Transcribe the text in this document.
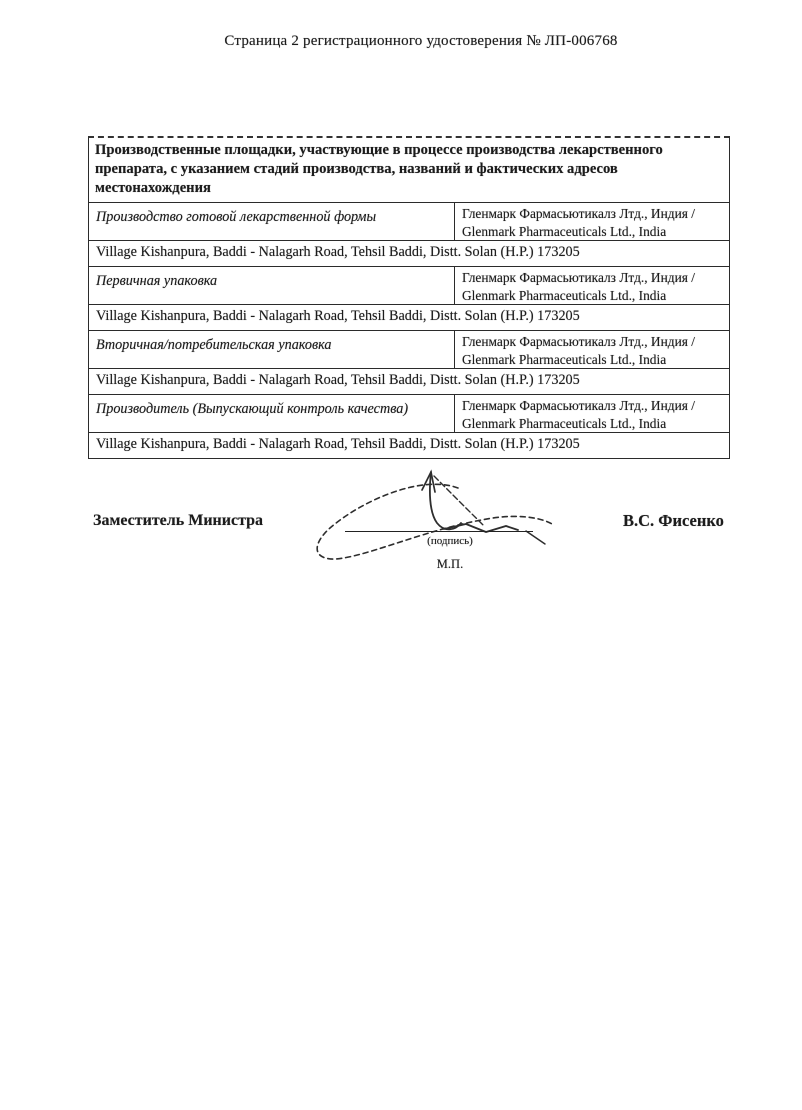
Страница 2 регистрационного удостоверения № ЛП-006768
Производственные площадки, участвующие в процессе производства лекарственного препарата, с указанием стадий производства, названий и фактических адресов местонахождения
Производство готовой лекарственной формы	Гленмарк Фармасьютикалз Лтд., Индия /
Glenmark Pharmaceuticals Ltd., India
Village Kishanpura, Baddi - Nalagarh Road, Tehsil Baddi, Distt. Solan (H.P.) 173205
Первичная упаковка	Гленмарк Фармасьютикалз Лтд., Индия /
Glenmark Pharmaceuticals Ltd., India
Village Kishanpura, Baddi - Nalagarh Road, Tehsil Baddi, Distt. Solan (H.P.) 173205
Вторичная/потребительская упаковка	Гленмарк Фармасьютикалз Лтд., Индия /
Glenmark Pharmaceuticals Ltd., India
Village Kishanpura, Baddi - Nalagarh Road, Tehsil Baddi, Distt. Solan (H.P.) 173205
Производитель (Выпускающий контроль качества)	Гленмарк Фармасьютикалз Лтд., Индия /
Glenmark Pharmaceuticals Ltd., India
Village Kishanpura, Baddi - Nalagarh Road, Tehsil Baddi, Distt. Solan (H.P.) 173205
Заместитель Министра
(подпись)
М.П.
В.С. Фисенко
